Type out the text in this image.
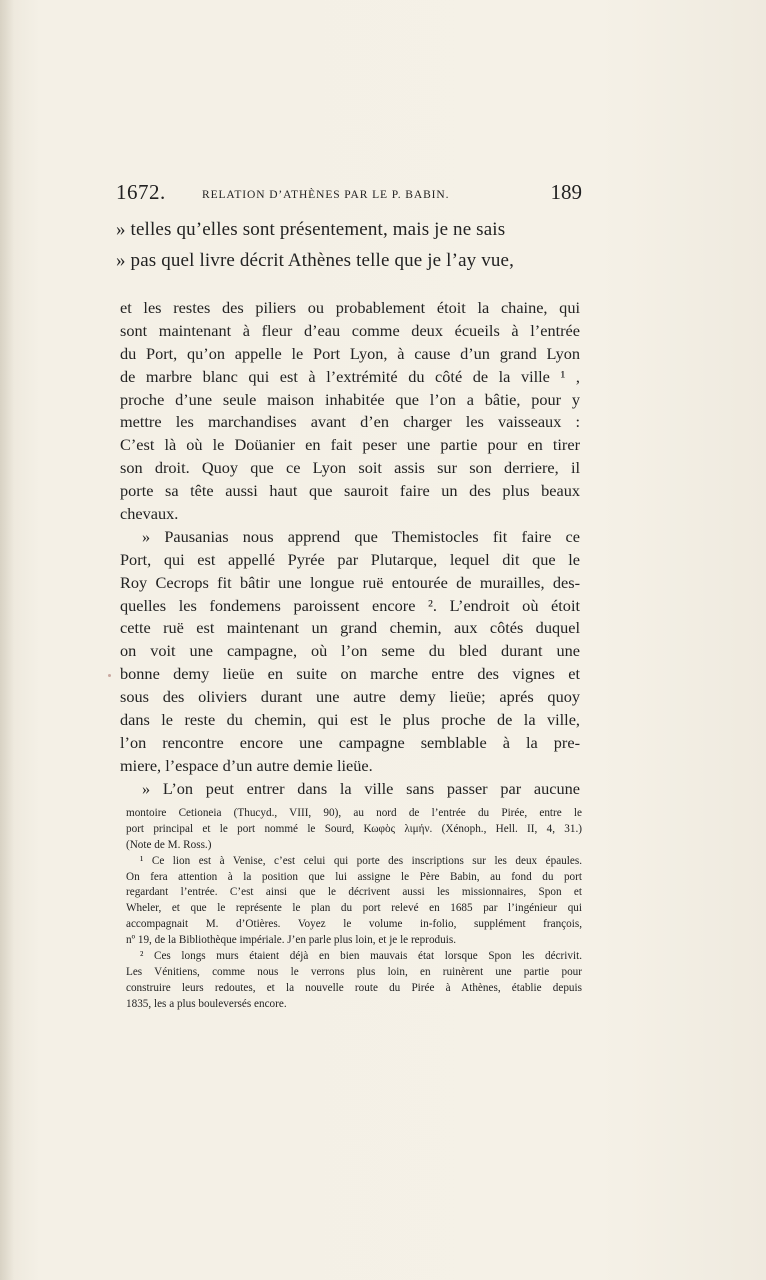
1672.	RELATION D’ATHÈNES PAR LE P. BABIN.	189
» telles qu’elles sont présentement, mais je ne sais
» pas quel livre décrit Athènes telle que je l’ay vue,
et les restes des piliers ou probablement étoit la chaine, qui
sont maintenant à fleur d’eau comme deux écueils à l’entrée
du Port, qu’on appelle le Port Lyon, à cause d’un grand Lyon
de marbre blanc qui est à l’extrémité du côté de la ville ¹ ,
proche d’une seule maison inhabitée que l’on a bâtie, pour y
mettre les marchandises avant d’en charger les vaisseaux :
C’est là où le Doüanier en fait peser une partie pour en tirer
son droit. Quoy que ce Lyon soit assis sur son derriere, il
porte sa tête aussi haut que sauroit faire un des plus beaux
chevaux.
» Pausanias nous apprend que Themistocles fit faire ce
Port, qui est appellé Pyrée par Plutarque, lequel dit que le
Roy Cecrops fit bâtir une longue ruë entourée de murailles, des-
quelles les fondemens paroissent encore ². L’endroit où étoit
cette ruë est maintenant un grand chemin, aux côtés duquel
on voit une campagne, où l’on seme du bled durant une
bonne demy lieüe en suite on marche entre des vignes et
sous des oliviers durant une autre demy lieüe; aprés quoy
dans le reste du chemin, qui est le plus proche de la ville,
l’on rencontre encore une campagne semblable à la pre-
miere, l’espace d’un autre demie lieüe.
» L’on peut entrer dans la ville sans passer par aucune
montoire Cetioneia (Thucyd., VIII, 90), au nord de l’entrée du Pirée, entre le
port principal et le port nommé le Sourd, Κωφὸς λιμήν. (Xénoph., Hell. II, 4, 31.)
(Note de M. Ross.)
¹ Ce lion est à Venise, c’est celui qui porte des inscriptions sur les deux épaules.
On fera attention à la position que lui assigne le Père Babin, au fond du port
regardant l’entrée. C’est ainsi que le décrivent aussi les missionnaires, Spon et
Wheler, et que le représente le plan du port relevé en 1685 par l’ingénieur qui
accompagnait M. d’Otières. Voyez le volume in-folio, supplément françois,
nº 19, de la Bibliothèque impériale. J’en parle plus loin, et je le reproduis.
² Ces longs murs étaient déjà en bien mauvais état lorsque Spon les décrivit.
Les Vénitiens, comme nous le verrons plus loin, en ruinèrent une partie pour
construire leurs redoutes, et la nouvelle route du Pirée à Athènes, établie depuis
1835, les a plus bouleversés encore.
